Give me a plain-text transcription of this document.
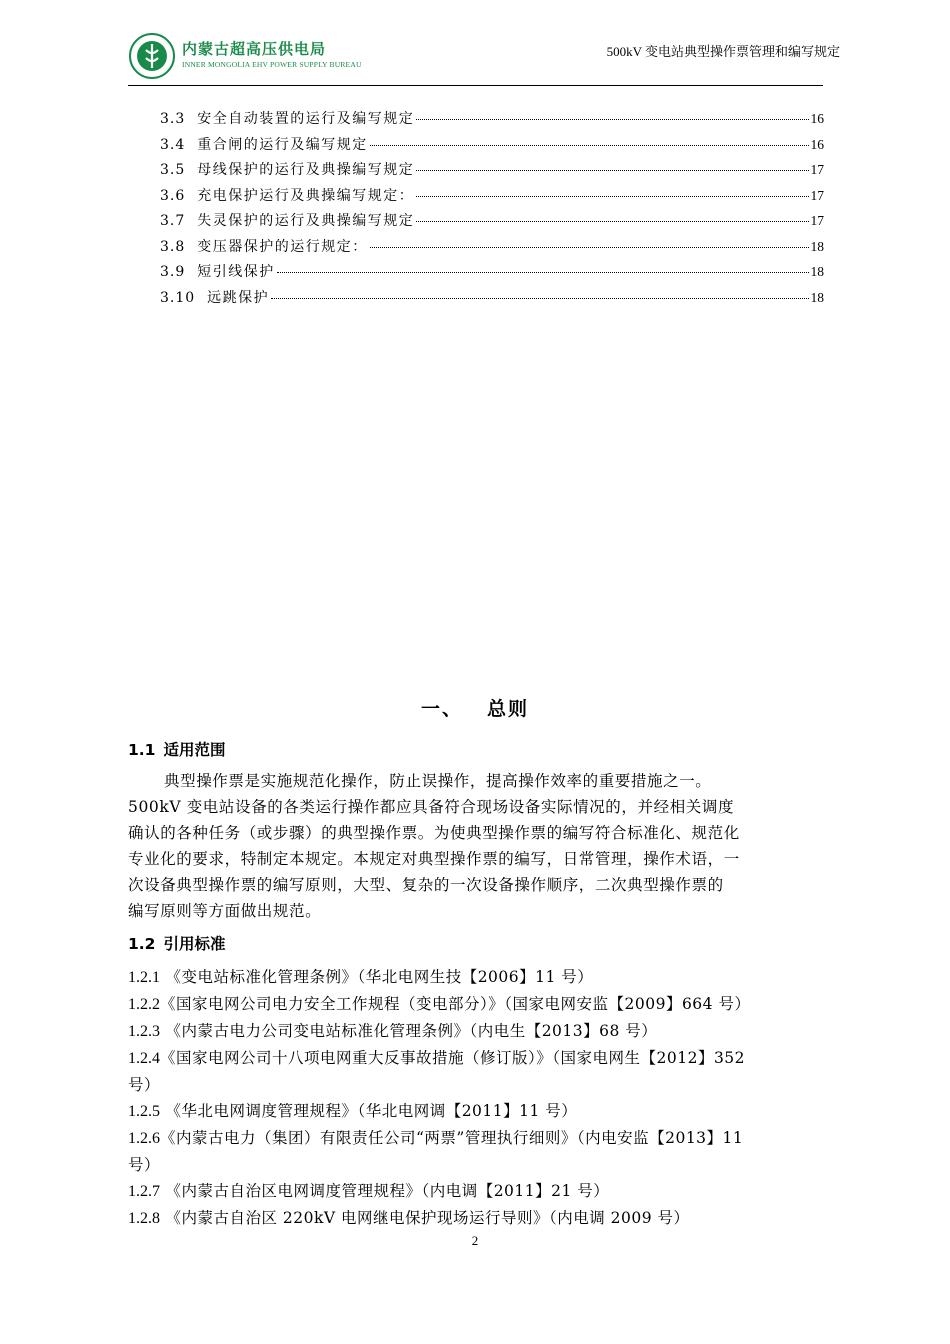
内蒙古超高压供电局
INNER MONGOLIA EHV POWER SUPPLY BUREAU
500kV 变电站典型操作票管理和编写规定
3.3 安全自动装置的运行及编写规定	16
3.4 重合闸的运行及编写规定	16
3.5 母线保护的运行及典操编写规定	17
3.6 充电保护运行及典操编写规定：	17
3.7 失灵保护的运行及典操编写规定	17
3.8 变压器保护的运行规定：	18
3.9 短引线保护	18
3.10 远跳保护	18
一、 总则
1.1 适用范围
典型操作票是实施规范化操作，防止误操作，提高操作效率的重要措施之一。
500kV 变电站设备的各类运行操作都应具备符合现场设备实际情况的，并经相关调度
确认的各种任务（或步骤）的典型操作票。为使典型操作票的编写符合标准化、规范化
专业化的要求，特制定本规定。本规定对典型操作票的编写，日常管理，操作术语，一
次设备典型操作票的编写原则，大型、复杂的一次设备操作顺序，二次典型操作票的
编写原则等方面做出规范。
1.2 引用标准
1.2.1 《变电站标准化管理条例》（华北电网生技【2006】11 号）
1.2.2《国家电网公司电力安全工作规程（变电部分）》（国家电网安监【2009】664 号）
1.2.3 《内蒙古电力公司变电站标准化管理条例》（内电生【2013】68 号）
1.2.4《国家电网公司十八项电网重大反事故措施（修订版）》（国家电网生【2012】352
号）
1.2.5 《华北电网调度管理规程》（华北电网调【2011】11 号）
1.2.6《内蒙古电力（集团）有限责任公司“两票”管理执行细则》（内电安监【2013】11
号）
1.2.7 《内蒙古自治区电网调度管理规程》（内电调【2011】21 号）
1.2.8 《内蒙古自治区 220kV 电网继电保护现场运行导则》（内电调 2009 号）
2
